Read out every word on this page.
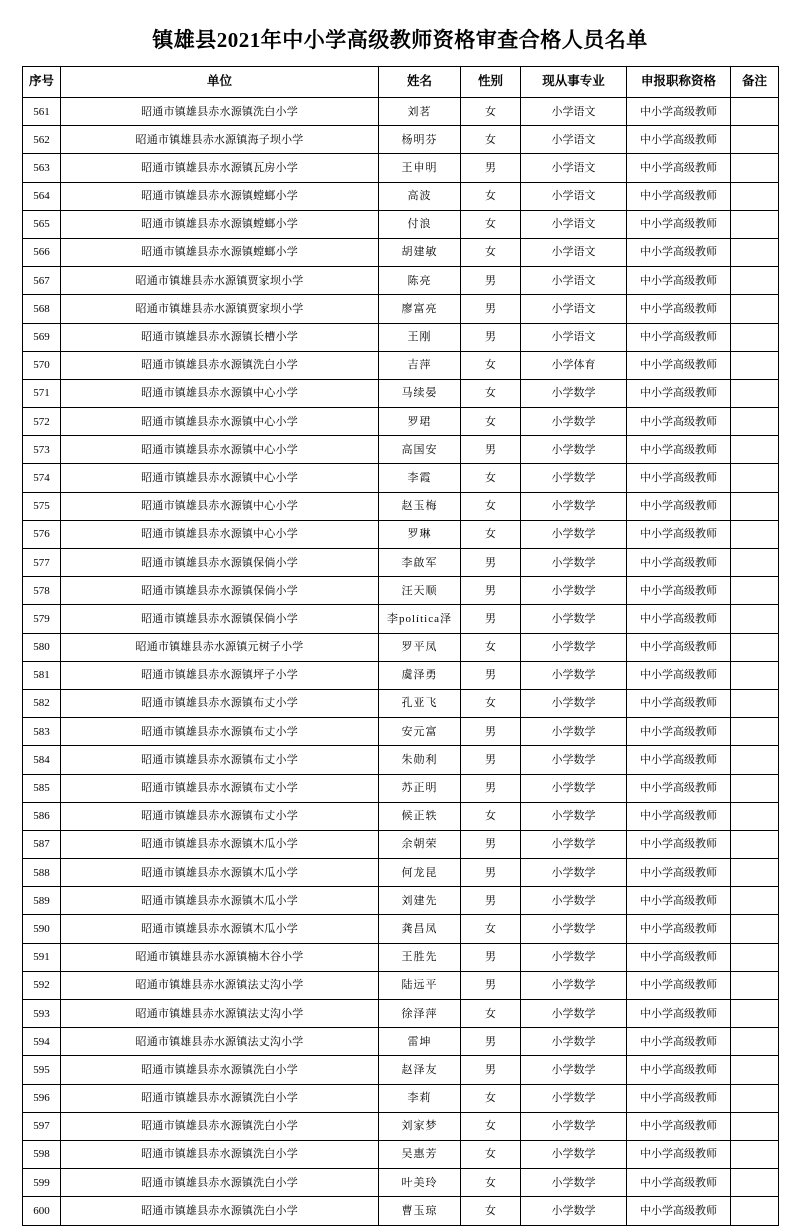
镇雄县2021年中小学高级教师资格审查合格人员名单
序号	单位	姓名	性别	现从事专业	申报职称资格	备注
561	昭通市镇雄县赤水源镇洗白小学	刘茗	女	小学语文	中小学高级教师	
562	昭通市镇雄县赤水源镇海子坝小学	杨明芬	女	小学语文	中小学高级教师	
563	昭通市镇雄县赤水源镇瓦房小学	王申明	男	小学语文	中小学高级教师	
564	昭通市镇雄县赤水源镇螳螂小学	高波	女	小学语文	中小学高级教师	
565	昭通市镇雄县赤水源镇螳螂小学	付浪	女	小学语文	中小学高级教师	
566	昭通市镇雄县赤水源镇螳螂小学	胡建敏	女	小学语文	中小学高级教师	
567	昭通市镇雄县赤水源镇贾家坝小学	陈亮	男	小学语文	中小学高级教师	
568	昭通市镇雄县赤水源镇贾家坝小学	廖富亮	男	小学语文	中小学高级教师	
569	昭通市镇雄县赤水源镇长槽小学	王刚	男	小学语文	中小学高级教师	
570	昭通市镇雄县赤水源镇洗白小学	吉萍	女	小学体育	中小学高级教师	
571	昭通市镇雄县赤水源镇中心小学	马续晏	女	小学数学	中小学高级教师	
572	昭通市镇雄县赤水源镇中心小学	罗珺	女	小学数学	中小学高级教师	
573	昭通市镇雄县赤水源镇中心小学	高国安	男	小学数学	中小学高级教师	
574	昭通市镇雄县赤水源镇中心小学	李霞	女	小学数学	中小学高级教师	
575	昭通市镇雄县赤水源镇中心小学	赵玉梅	女	小学数学	中小学高级教师	
576	昭通市镇雄县赤水源镇中心小学	罗琳	女	小学数学	中小学高级教师	
577	昭通市镇雄县赤水源镇保倘小学	李啟军	男	小学数学	中小学高级教师	
578	昭通市镇雄县赤水源镇保倘小学	汪天顺	男	小学数学	中小学高级教师	
579	昭通市镇雄县赤水源镇保倘小学	李política泽	男	小学数学	中小学高级教师	
580	昭通市镇雄县赤水源镇元树子小学	罗平凤	女	小学数学	中小学高级教师	
581	昭通市镇雄县赤水源镇坪子小学	虞泽勇	男	小学数学	中小学高级教师	
582	昭通市镇雄县赤水源镇布丈小学	孔亚飞	女	小学数学	中小学高级教师	
583	昭通市镇雄县赤水源镇布丈小学	安元富	男	小学数学	中小学高级教师	
584	昭通市镇雄县赤水源镇布丈小学	朱勋利	男	小学数学	中小学高级教师	
585	昭通市镇雄县赤水源镇布丈小学	苏正明	男	小学数学	中小学高级教师	
586	昭通市镇雄县赤水源镇布丈小学	候正轶	女	小学数学	中小学高级教师	
587	昭通市镇雄县赤水源镇木瓜小学	余朝荣	男	小学数学	中小学高级教师	
588	昭通市镇雄县赤水源镇木瓜小学	何龙昆	男	小学数学	中小学高级教师	
589	昭通市镇雄县赤水源镇木瓜小学	刘建先	男	小学数学	中小学高级教师	
590	昭通市镇雄县赤水源镇木瓜小学	龚昌凤	女	小学数学	中小学高级教师	
591	昭通市镇雄县赤水源镇楠木谷小学	王胜先	男	小学数学	中小学高级教师	
592	昭通市镇雄县赤水源镇法丈沟小学	陆远平	男	小学数学	中小学高级教师	
593	昭通市镇雄县赤水源镇法丈沟小学	徐泽萍	女	小学数学	中小学高级教师	
594	昭通市镇雄县赤水源镇法丈沟小学	雷坤	男	小学数学	中小学高级教师	
595	昭通市镇雄县赤水源镇洗白小学	赵泽友	男	小学数学	中小学高级教师	
596	昭通市镇雄县赤水源镇洗白小学	李莉	女	小学数学	中小学高级教师	
597	昭通市镇雄县赤水源镇洗白小学	刘家梦	女	小学数学	中小学高级教师	
598	昭通市镇雄县赤水源镇洗白小学	吴惠芳	女	小学数学	中小学高级教师	
599	昭通市镇雄县赤水源镇洗白小学	叶美玲	女	小学数学	中小学高级教师	
600	昭通市镇雄县赤水源镇洗白小学	曹玉琼	女	小学数学	中小学高级教师	
